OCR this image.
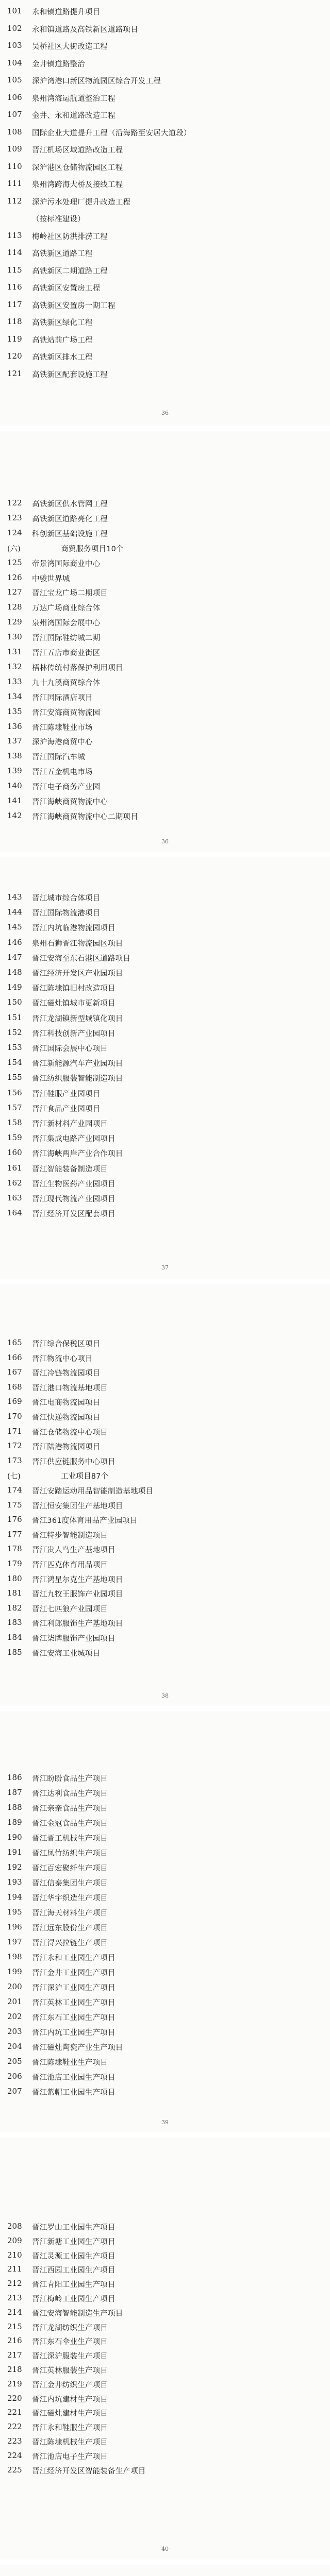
101	永和镇道路提升项目
102	永和镇道路及高铁新区道路项目
103	吴桥社区大街改造工程
104	金井镇道路整治
105	深沪湾港口新区物流园区综合开发工程
106	泉州湾海运航道整治工程
107	金井、永和道路改造工程
108	国际企业大道提升工程（沿海路至安居大道段）
109	晋江机场区域道路改造工程
110	深沪港区仓储物流园区工程
111	泉州湾跨海大桥及接线工程
112	深沪污水处理厂提升改造工程
（按标准建设）
113	梅岭社区防洪排涝工程
114	高铁新区道路工程
115	高铁新区二期道路工程
116	高铁新区安置房工程
117	高铁新区安置房一期工程
118	高铁新区绿化工程
119	高铁站前广场工程
120	高铁新区排水工程
121	高铁新区配套设施工程
36
122	高铁新区供水管网工程
123	高铁新区道路亮化工程
124	科创新区基础设施工程
(六)	商贸服务项目10个
125	帝景湾国际商业中心
126	中骏世界城
127	晋江宝龙广场二期项目
128	万达广场商业综合体
129	泉州湾国际会展中心
130	晋江国际鞋纺城二期
131	晋江五店市商业街区
132	梧林传统村落保护利用项目
133	九十九溪商贸综合体
134	晋江国际酒店项目
135	晋江安海商贸物流园
136	晋江陈埭鞋业市场
137	深沪海港商贸中心
138	晋江国际汽车城
139	晋江五金机电市场
140	晋江电子商务产业园
141	晋江海峡商贸物流中心
142	晋江海峡商贸物流中心二期项目
36
143	晋江城市综合体项目
144	晋江国际物流港项目
145	晋江内坑临港物流园项目
146	泉州石狮晋江物流园区项目
147	晋江安海至东石港区道路项目
148	晋江经济开发区产业园项目
149	晋江陈埭镇旧村改造项目
150	晋江磁灶镇城市更新项目
151	晋江龙湖镇新型城镇化项目
152	晋江科技创新产业园项目
153	晋江国际会展中心项目
154	晋江新能源汽车产业园项目
155	晋江纺织服装智能制造项目
156	晋江鞋服产业园项目
157	晋江食品产业园项目
158	晋江新材料产业园项目
159	晋江集成电路产业园项目
160	晋江海峡两岸产业合作项目
161	晋江智能装备制造项目
162	晋江生物医药产业园项目
163	晋江现代物流产业园项目
164	晋江经济开发区配套项目
37
165	晋江综合保税区项目
166	晋江物流中心项目
167	晋江冷链物流园项目
168	晋江港口物流基地项目
169	晋江电商物流园项目
170	晋江快递物流园项目
171	晋江仓储物流中心项目
172	晋江陆港物流园项目
173	晋江供应链服务中心项目
(七)	工业项目87个
174	晋江安踏运动用品智能制造基地项目
175	晋江恒安集团生产基地项目
176	晋江361度体育用品产业园项目
177	晋江特步智能制造项目
178	晋江贵人鸟生产基地项目
179	晋江匹克体育用品项目
180	晋江鸿星尔克生产基地项目
181	晋江九牧王服饰产业园项目
182	晋江七匹狼产业园项目
183	晋江利郎服饰生产基地项目
184	晋江柒牌服饰产业园项目
185	晋江安海工业城项目
38
186	晋江盼盼食品生产项目
187	晋江达利食品生产项目
188	晋江亲亲食品生产项目
189	晋江金冠食品生产项目
190	晋江晋工机械生产项目
191	晋江凤竹纺织生产项目
192	晋江百宏聚纤生产项目
193	晋江信泰集团生产项目
194	晋江华宇织造生产项目
195	晋江海天材料生产项目
196	晋江远东股份生产项目
197	晋江浔兴拉链生产项目
198	晋江永和工业园生产项目
199	晋江金井工业园生产项目
200	晋江深沪工业园生产项目
201	晋江英林工业园生产项目
202	晋江东石工业园生产项目
203	晋江内坑工业园生产项目
204	晋江磁灶陶瓷产业生产项目
205	晋江陈埭鞋业生产项目
206	晋江池店工业园生产项目
207	晋江紫帽工业园生产项目
39
208	晋江罗山工业园生产项目
209	晋江新塘工业园生产项目
210	晋江灵源工业园生产项目
211	晋江西园工业园生产项目
212	晋江青阳工业园生产项目
213	晋江梅岭工业园生产项目
214	晋江安海智能制造生产项目
215	晋江龙湖纺织生产项目
216	晋江东石伞业生产项目
217	晋江深沪服装生产项目
218	晋江英林服装生产项目
219	晋江金井纺织生产项目
220	晋江内坑建材生产项目
221	晋江磁灶建材生产项目
222	晋江永和鞋服生产项目
223	晋江陈埭机械生产项目
224	晋江池店电子生产项目
225	晋江经济开发区智能装备生产项目
40
